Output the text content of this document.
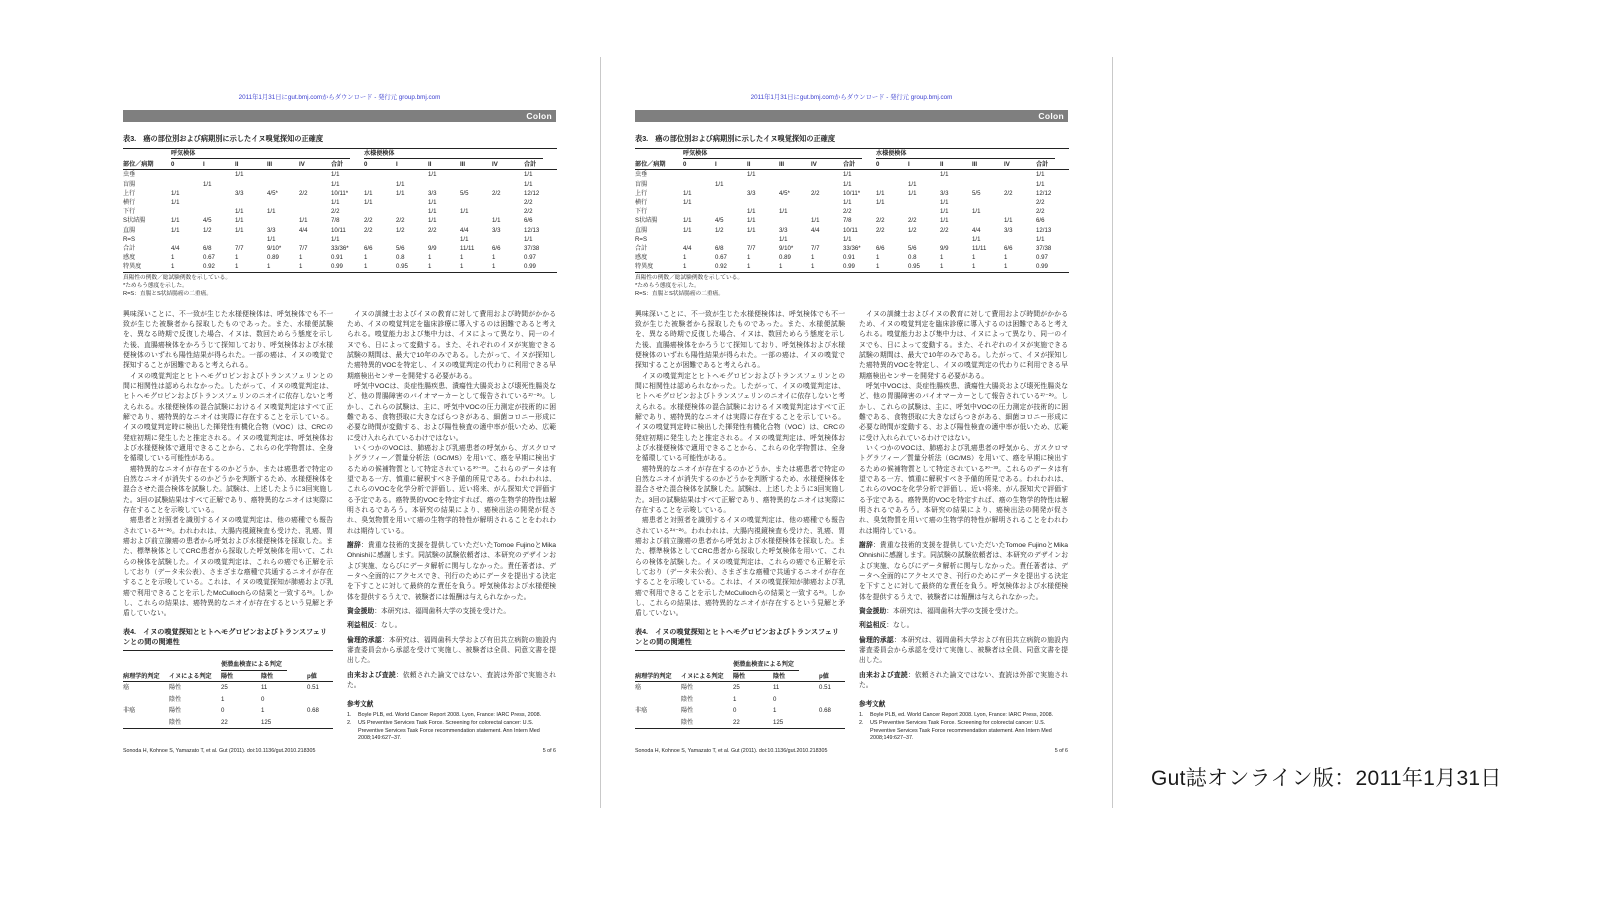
2011年1月31日にgut.bmj.comからダウンロード - 発行元 group.bmj.com
Colon
表3.　癌の部位別および病期別に示したイヌ嗅覚探知の正確度

	呼気検体						水様便検体					

部位／病期	0	I	II	III	IV	合計	0	I	II	III	IV	合計
虫垂			1/1			1/1			1/1			1/1
盲腸		1/1				1/1		1/1				1/1
上行	1/1		3/3	4/5*	2/2	10/11*	1/1	1/1	3/3	5/5	2/2	12/12
横行	1/1					1/1	1/1		1/1			2/2
下行			1/1	1/1		2/2			1/1	1/1		2/2
S状結腸	1/1	4/5	1/1		1/1	7/8	2/2	2/2	1/1		1/1	6/6
直腸	1/1	1/2	1/1	3/3	4/4	10/11	2/2	1/2	2/2	4/4	3/3	12/13
R=S				1/1		1/1				1/1		1/1
合計	4/4	6/8	7/7	9/10*	7/7	33/36*	6/6	5/6	9/9	11/11	6/6	37/38
感度	1	0.67	1	0.89	1	0.91	1	0.8	1	1	1	0.97
特異度	1	0.92	1	1	1	0.99	1	0.95	1	1	1	0.99
真陽性の例数／総試験例数を示している。
*ためらう態度を示した。
R=S：直腸とS状結腸癌の二重癌。

興味深いことに、不一致が生じた水様便検体は、呼気検体でも不一致が生じた被験者から採取したものであった。また、水様便試験を、異なる時期で反復した場合、イヌは、数回ためらう態度を示した後、直腸癌検体をかろうじて探知しており、呼気検体および水様便検体のいずれも陽性結果が得られた。一部の癌は、イヌの嗅覚で探知することが困難であると考えられる。

　イヌの嗅覚判定とヒトヘモグロビンおよびトランスフェリンとの間に相関性は認められなかった。したがって、イヌの嗅覚判定は、ヒトヘモグロビンおよびトランスフェリンのニオイに依存しないと考えられる。水様便検体の混合試験におけるイヌ嗅覚判定はすべて正解であり、癌特異的なニオイは実際に存在することを示している。イヌの嗅覚判定時に検出した揮発性有機化合物（VOC）は、CRCの発症初期に発生したと推定される。イヌの嗅覚判定は、呼気検体および水様便検体で適用できることから、これらの化学物質は、全身を循環している可能性がある。

　癌特異的なニオイが存在するのかどうか、または癌患者で特定の自然なニオイが消失するのかどうかを判断するため、水様便検体を混合させた混合検体を試験した。試験は、上述したように3回実施した。3回の試験結果はすべて正解であり、癌特異的なニオイは実際に存在することを示唆している。

　癌患者と対照者を識別するイヌの嗅覚判定は、他の癌種でも報告されている²⁴⁻²⁶。われわれは、大腸内視鏡検査も受けた、乳癌、胃癌および前立腺癌の患者から呼気および水様便検体を採取した。また、標準検体としてCRC患者から採取した呼気検体を用いて、これらの検体を試験した。イヌの嗅覚判定は、これらの癌でも正解を示しており（データ未公表）、さまざまな癌種で共通するニオイが存在することを示唆している。これは、イヌの嗅覚探知が肺癌および乳癌で利用できることを示したMcCullochらの結果と一致する²⁶。しかし、これらの結果は、癌特異的なニオイが存在するという見解と矛盾していない。

表4.　イヌの嗅覚探知とヒトヘモグロビンおよびトランスフェリンとの間の関連性
病理学的判定	イヌによる判定	便潜血検査による判定		p値
		陽性	陰性	
癌	陽性	25	11	0.51
	陰性	1	0	
非癌	陽性	0	1	0.68
	陰性	22	125	

　イヌの訓練士およびイヌの教育に対して費用および時間がかかるため、イヌの嗅覚判定を臨床診療に導入するのは困難であると考えられる。嗅覚能力および集中力は、イヌによって異なり、同一のイヌでも、日によって変動する。また、それぞれのイヌが実施できる試験の期間は、最大で10年のみである。したがって、イヌが探知した癌特異的VOCを特定し、イヌの嗅覚判定の代わりに利用できる早期癌検出センサーを開発する必要がある。

　呼気中VOCは、炎症性腸疾患、潰瘍性大腸炎および壊死性腸炎など、他の胃腸障害のバイオマーカーとして報告されている²⁷⁻²⁹。しかし、これらの試験は、主に、呼気中VOCの圧力測定が技術的に困難である、食物摂取に大きなばらつきがある、細菌コロニー形成に必要な時間が変動する、および陽性検査の適中率が低いため、広範に受け入れられているわけではない。

　いくつかのVOCは、肺癌および乳癌患者の呼気から、ガスクロマトグラフィー／質量分析法（GC/MS）を用いて、癌を早期に検出するための候補物質として特定されている³⁰⁻³³。これらのデータは有望である一方、慎重に解釈すべき予備的所見である。われわれは、これらのVOCを化学分析で評価し、近い将来、がん探知犬で評価する予定である。癌特異的VOCを特定すれば、癌の生物学的特性は解明されるであろう。本研究の結果により、癌検出法の開発が促され、臭気物質を用いて癌の生物学的特性が解明されることをわれわれは期待している。

謝辞：貴重な技術的支援を提供していただいたTomoe FujinoとMika Ohnishiに感謝します。同試験の試験依頼者は、本研究のデザインおよび実施、ならびにデータ解析に関与しなかった。責任著者は、データへ全面的にアクセスでき、刊行のためにデータを提出する決定を下すことに対して最終的な責任を負う。呼気検体および水様便検体を提供するうえで、被験者には報酬は与えられなかった。

資金援助：本研究は、福岡歯科大学の支援を受けた。

利益相反：なし。

倫理的承認：本研究は、福岡歯科大学および有田共立病院の施設内審査委員会から承認を受けて実施し、被験者は全員、同意文書を提出した。

由来および査読：依頼された論文ではない、査読は外部で実施された。

参考文献
1.	Boyle PLB, ed. World Cancer Report 2008. Lyon, France: IARC Press, 2008.
2.	US Preventive Services Task Force. Screening for colorectal cancer: U.S. Preventive Services Task Force recommendation statement. Ann Intern Med 2008;149:627–37.
Sonoda H, Kohnoe S, Yamazato T, et al. Gut (2011). doi:10.1136/gut.2010.218305	5 of 6
2011年1月31日にgut.bmj.comからダウンロード - 発行元 group.bmj.com
Colon
表3.　癌の部位別および病期別に示したイヌ嗅覚探知の正確度

	呼気検体						水様便検体					

部位／病期	0	I	II	III	IV	合計	0	I	II	III	IV	合計
虫垂			1/1			1/1			1/1			1/1
盲腸		1/1				1/1		1/1				1/1
上行	1/1		3/3	4/5*	2/2	10/11*	1/1	1/1	3/3	5/5	2/2	12/12
横行	1/1					1/1	1/1		1/1			2/2
下行			1/1	1/1		2/2			1/1	1/1		2/2
S状結腸	1/1	4/5	1/1		1/1	7/8	2/2	2/2	1/1		1/1	6/6
直腸	1/1	1/2	1/1	3/3	4/4	10/11	2/2	1/2	2/2	4/4	3/3	12/13
R=S				1/1		1/1				1/1		1/1
合計	4/4	6/8	7/7	9/10*	7/7	33/36*	6/6	5/6	9/9	11/11	6/6	37/38
感度	1	0.67	1	0.89	1	0.91	1	0.8	1	1	1	0.97
特異度	1	0.92	1	1	1	0.99	1	0.95	1	1	1	0.99
真陽性の例数／総試験例数を示している。
*ためらう態度を示した。
R=S：直腸とS状結腸癌の二重癌。

興味深いことに、不一致が生じた水様便検体は、呼気検体でも不一致が生じた被験者から採取したものであった。また、水様便試験を、異なる時期で反復した場合、イヌは、数回ためらう態度を示した後、直腸癌検体をかろうじて探知しており、呼気検体および水様便検体のいずれも陽性結果が得られた。一部の癌は、イヌの嗅覚で探知することが困難であると考えられる。

　イヌの嗅覚判定とヒトヘモグロビンおよびトランスフェリンとの間に相関性は認められなかった。したがって、イヌの嗅覚判定は、ヒトヘモグロビンおよびトランスフェリンのニオイに依存しないと考えられる。水様便検体の混合試験におけるイヌ嗅覚判定はすべて正解であり、癌特異的なニオイは実際に存在することを示している。イヌの嗅覚判定時に検出した揮発性有機化合物（VOC）は、CRCの発症初期に発生したと推定される。イヌの嗅覚判定は、呼気検体および水様便検体で適用できることから、これらの化学物質は、全身を循環している可能性がある。

　癌特異的なニオイが存在するのかどうか、または癌患者で特定の自然なニオイが消失するのかどうかを判断するため、水様便検体を混合させた混合検体を試験した。試験は、上述したように3回実施した。3回の試験結果はすべて正解であり、癌特異的なニオイは実際に存在することを示唆している。

　癌患者と対照者を識別するイヌの嗅覚判定は、他の癌種でも報告されている²⁴⁻²⁶。われわれは、大腸内視鏡検査も受けた、乳癌、胃癌および前立腺癌の患者から呼気および水様便検体を採取した。また、標準検体としてCRC患者から採取した呼気検体を用いて、これらの検体を試験した。イヌの嗅覚判定は、これらの癌でも正解を示しており（データ未公表）、さまざまな癌種で共通するニオイが存在することを示唆している。これは、イヌの嗅覚探知が肺癌および乳癌で利用できることを示したMcCullochらの結果と一致する²⁶。しかし、これらの結果は、癌特異的なニオイが存在するという見解と矛盾していない。

表4.　イヌの嗅覚探知とヒトヘモグロビンおよびトランスフェリンとの間の関連性
病理学的判定	イヌによる判定	便潜血検査による判定		p値
		陽性	陰性	
癌	陽性	25	11	0.51
	陰性	1	0	
非癌	陽性	0	1	0.68
	陰性	22	125	

　イヌの訓練士およびイヌの教育に対して費用および時間がかかるため、イヌの嗅覚判定を臨床診療に導入するのは困難であると考えられる。嗅覚能力および集中力は、イヌによって異なり、同一のイヌでも、日によって変動する。また、それぞれのイヌが実施できる試験の期間は、最大で10年のみである。したがって、イヌが探知した癌特異的VOCを特定し、イヌの嗅覚判定の代わりに利用できる早期癌検出センサーを開発する必要がある。

　呼気中VOCは、炎症性腸疾患、潰瘍性大腸炎および壊死性腸炎など、他の胃腸障害のバイオマーカーとして報告されている²⁷⁻²⁹。しかし、これらの試験は、主に、呼気中VOCの圧力測定が技術的に困難である、食物摂取に大きなばらつきがある、細菌コロニー形成に必要な時間が変動する、および陽性検査の適中率が低いため、広範に受け入れられているわけではない。

　いくつかのVOCは、肺癌および乳癌患者の呼気から、ガスクロマトグラフィー／質量分析法（GC/MS）を用いて、癌を早期に検出するための候補物質として特定されている³⁰⁻³³。これらのデータは有望である一方、慎重に解釈すべき予備的所見である。われわれは、これらのVOCを化学分析で評価し、近い将来、がん探知犬で評価する予定である。癌特異的VOCを特定すれば、癌の生物学的特性は解明されるであろう。本研究の結果により、癌検出法の開発が促され、臭気物質を用いて癌の生物学的特性が解明されることをわれわれは期待している。

謝辞：貴重な技術的支援を提供していただいたTomoe FujinoとMika Ohnishiに感謝します。同試験の試験依頼者は、本研究のデザインおよび実施、ならびにデータ解析に関与しなかった。責任著者は、データへ全面的にアクセスでき、刊行のためにデータを提出する決定を下すことに対して最終的な責任を負う。呼気検体および水様便検体を提供するうえで、被験者には報酬は与えられなかった。

資金援助：本研究は、福岡歯科大学の支援を受けた。

利益相反：なし。

倫理的承認：本研究は、福岡歯科大学および有田共立病院の施設内審査委員会から承認を受けて実施し、被験者は全員、同意文書を提出した。

由来および査読：依頼された論文ではない、査読は外部で実施された。

参考文献
1.	Boyle PLB, ed. World Cancer Report 2008. Lyon, France: IARC Press, 2008.
2.	US Preventive Services Task Force. Screening for colorectal cancer: U.S. Preventive Services Task Force recommendation statement. Ann Intern Med 2008;149:627–37.
Sonoda H, Kohnoe S, Yamazato T, et al. Gut (2011). doi:10.1136/gut.2010.218305	5 of 6
Gut誌オンライン版：2011年1月31日
